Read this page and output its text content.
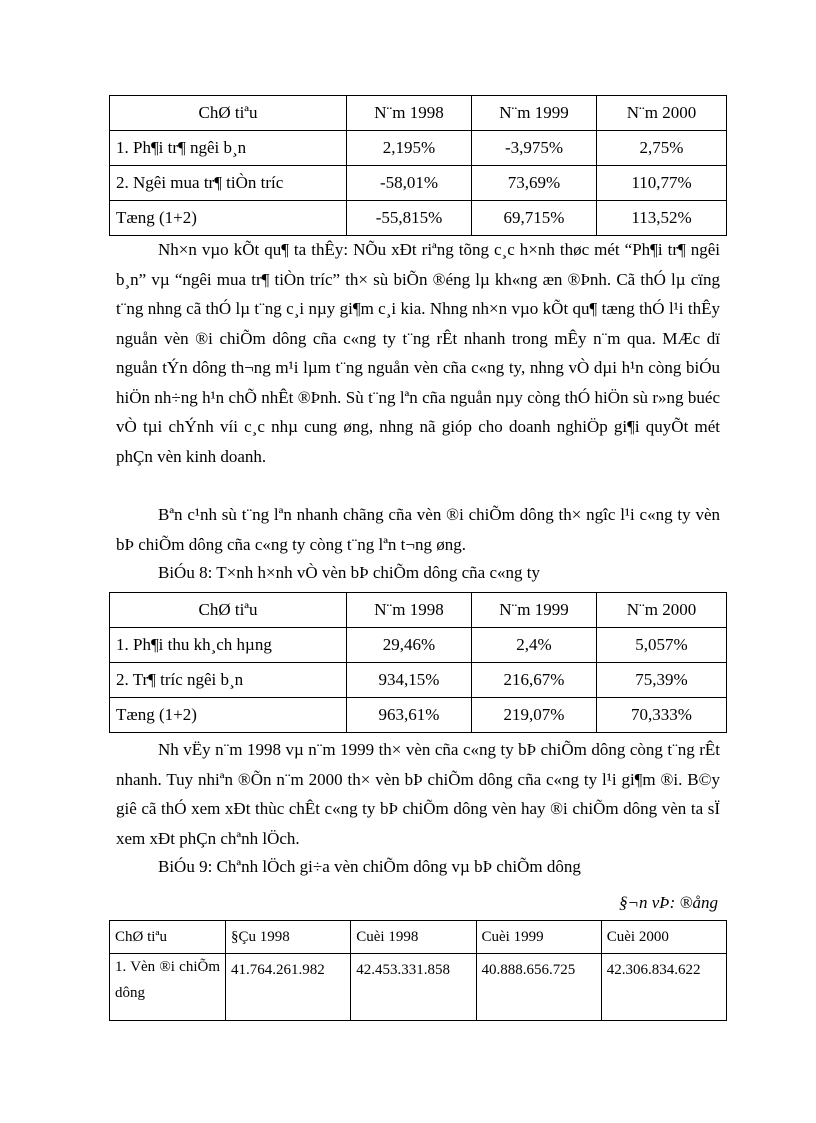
ChØ tiªu	N¨m 1998	N¨m 1999	N¨m 2000
1. Ph¶i tr¶ ngêi b¸n	2,195%	-3,975%	2,75%
2. Ngêi mua tr¶ tiÒn tríc	-58,01%	73,69%	110,77%
Tæng (1+2)	-55,815%	69,715%	113,52%

Nh×n vµo kÕt qu¶ ta thÊy: NÕu xÐt riªng tõng c¸c h×nh thøc mét “Ph¶i tr¶ ngêi b¸n” vµ “ngêi mua tr¶ tiÒn tríc” th× sù biÕn ®éng lµ kh«ng æn ®Þnh. Cã thÓ lµ cïng t¨ng nhng cã thÓ lµ t¨ng c¸i nµy gi¶m c¸i kia. Nhng nh×n vµo kÕt qu¶ tæng thÓ l¹i thÊy nguån vèn ®i chiÕm dông cña c«ng ty t¨ng rÊt nhanh trong mÊy n¨m qua. MÆc dï nguån tÝn dông th¬ng m¹i lµm t¨ng nguån vèn cña c«ng ty, nhng vÒ dµi h¹n còng biÓu hiÖn nh÷ng h¹n chÕ nhÊt ®Þnh. Sù t¨ng lªn cña nguån nµy còng thÓ hiÖn sù r»ng buéc vÒ tµi chÝnh víi c¸c nhµ cung øng, nhng nã gióp cho doanh nghiÖp gi¶i quyÕt mét phÇn vèn kinh doanh.

Bªn c¹nh sù t¨ng lªn nhanh chãng cña vèn ®i chiÕm dông th× ngîc l¹i c«ng ty vèn bÞ chiÕm dông cña c«ng ty còng t¨ng lªn t¬ng øng.

BiÓu 8: T×nh h×nh vÒ vèn bÞ chiÕm dông cña c«ng ty
ChØ tiªu	N¨m 1998	N¨m 1999	N¨m 2000
1. Ph¶i thu kh¸ch hµng	29,46%	2,4%	5,057%
2. Tr¶ tríc ngêi b¸n	934,15%	216,67%	75,39%
Tæng (1+2)	963,61%	219,07%	70,333%

Nh vËy n¨m 1998 vµ n¨m 1999 th× vèn cña c«ng ty bÞ chiÕm dông còng t¨ng rÊt nhanh. Tuy nhiªn ®Õn n¨m 2000 th× vèn bÞ chiÕm dông cña c«ng ty l¹i gi¶m ®i. B©y giê cã thÓ xem xÐt thùc chÊt c«ng ty bÞ chiÕm dông vèn hay ®i chiÕm dông vèn ta sÏ xem xÐt phÇn chªnh lÖch.

BiÓu 9: Chªnh lÖch gi÷a vèn chiÕm dông vµ bÞ chiÕm dông
§¬n vÞ: ®ång
ChØ tiªu	§Çu 1998	Cuèi 1998	Cuèi 1999	Cuèi 2000
1. Vèn ®i chiÕm dông	41.764.261.982	42.453.331.858	40.888.656.725	42.306.834.622
